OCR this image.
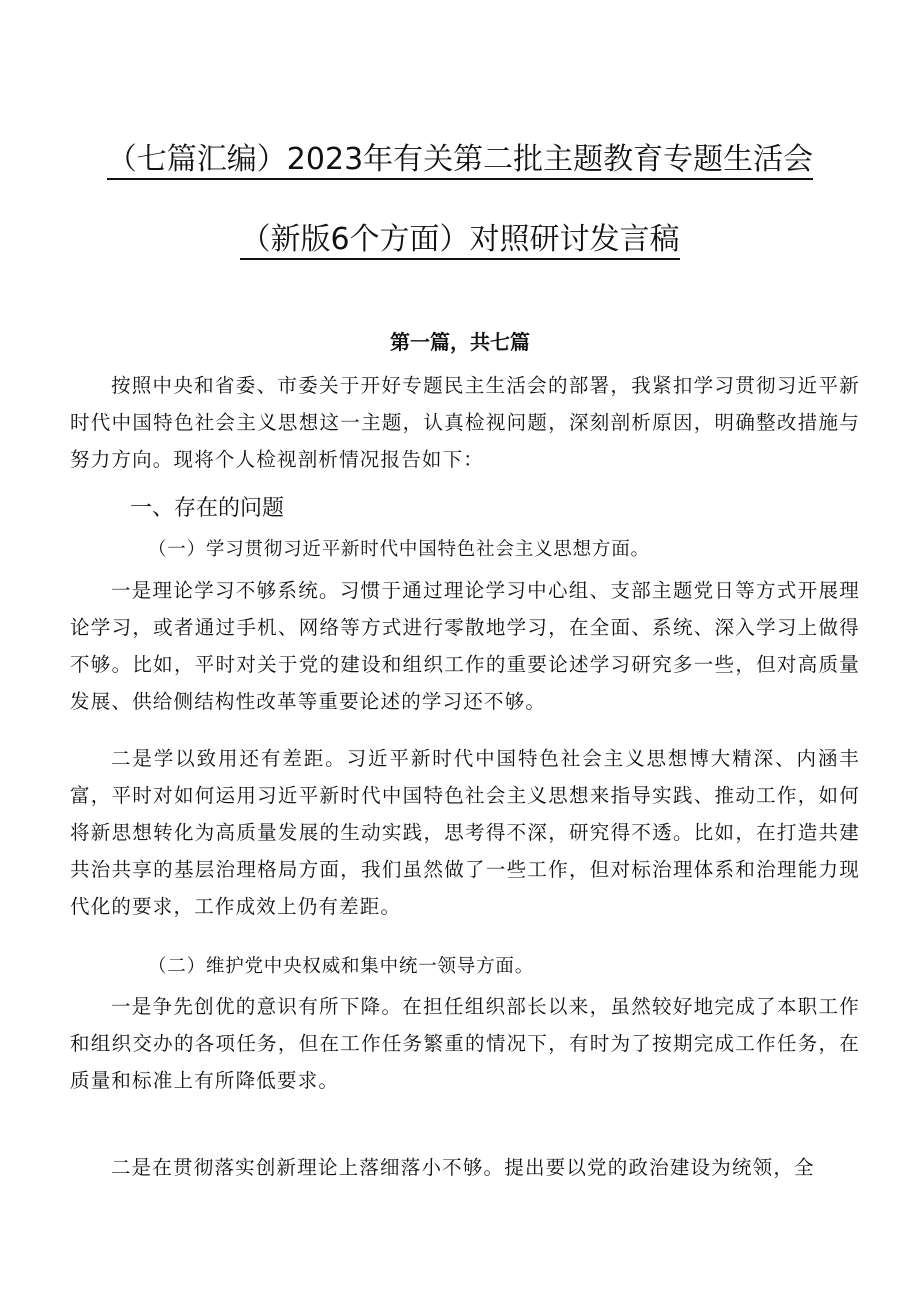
（七篇汇编）2023年有关第二批主题教育专题生活会
（新版6个方面）对照研讨发言稿
第一篇，共七篇
按照中央和省委、市委关于开好专题民主生活会的部署，我紧扣学习贯彻习近平新时代中国特色社会主义思想这一主题，认真检视问题，深刻剖析原因，明确整改措施与努力方向。现将个人检视剖析情况报告如下：
一、存在的问题
（一）学习贯彻习近平新时代中国特色社会主义思想方面。
一是理论学习不够系统。习惯于通过理论学习中心组、支部主题党日等方式开展理论学习，或者通过手机、网络等方式进行零散地学习，在全面、系统、深入学习上做得不够。比如，平时对关于党的建设和组织工作的重要论述学习研究多一些，但对高质量发展、供给侧结构性改革等重要论述的学习还不够。
二是学以致用还有差距。习近平新时代中国特色社会主义思想博大精深、内涵丰富，平时对如何运用习近平新时代中国特色社会主义思想来指导实践、推动工作，如何将新思想转化为高质量发展的生动实践，思考得不深，研究得不透。比如，在打造共建共治共享的基层治理格局方面，我们虽然做了一些工作，但对标治理体系和治理能力现代化的要求，工作成效上仍有差距。
（二）维护党中央权威和集中统一领导方面。
一是争先创优的意识有所下降。在担任组织部长以来，虽然较好地完成了本职工作和组织交办的各项任务，但在工作任务繁重的情况下，有时为了按期完成工作任务，在质量和标准上有所降低要求。
二是在贯彻落实创新理论上落细落小不够。提出要以党的政治建设为统领，全
